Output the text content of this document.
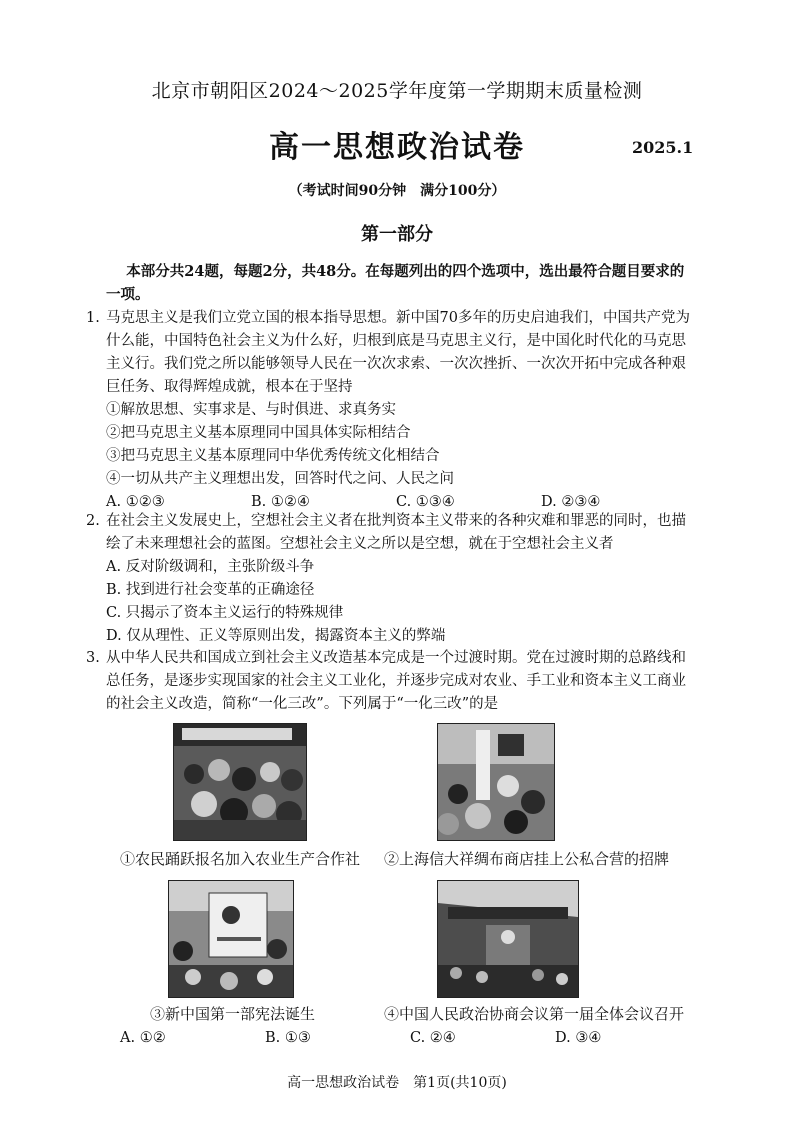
北京市朝阳区2024～2025学年度第一学期期末质量检测
高一思想政治试卷	2025.1
（考试时间90分钟　满分100分）
第一部分
本部分共24题，每题2分，共48分。在每题列出的四个选项中，选出最符合题目要求的一项。
1. 马克思主义是我们立党立国的根本指导思想。新中国70多年的历史启迪我们，中国共产党为什么能，中国特色社会主义为什么好，归根到底是马克思主义行，是中国化时代化的马克思主义行。我们党之所以能够领导人民在一次次求索、一次次挫折、一次次开拓中完成各种艰巨任务、取得辉煌成就，根本在于坚持
①解放思想、实事求是、与时俱进、求真务实
②把马克思主义基本原理同中国具体实际相结合
③把马克思主义基本原理同中华优秀传统文化相结合
④一切从共产主义理想出发，回答时代之问、人民之问
A. ①②③	B. ①②④	C. ①③④	D. ②③④
2. 在社会主义发展史上，空想社会主义者在批判资本主义带来的各种灾难和罪恶的同时，也描绘了未来理想社会的蓝图。空想社会主义之所以是空想，就在于空想社会主义者
A. 反对阶级调和，主张阶级斗争
B. 找到进行社会变革的正确途径
C. 只揭示了资本主义运行的特殊规律
D. 仅从理性、正义等原则出发，揭露资本主义的弊端
3. 从中华人民共和国成立到社会主义改造基本完成是一个过渡时期。党在过渡时期的总路线和总任务，是逐步实现国家的社会主义工业化，并逐步完成对农业、手工业和资本主义工商业的社会主义改造，简称“一化三改”。下列属于“一化三改”的是
①农民踊跃报名加入农业生产合作社 ②上海信大祥绸布商店挂上公私合营的招牌
③新中国第一部宪法诞生	④中国人民政治协商会议第一届全体会议召开
A. ①②	B. ①③	C. ②④	D. ③④
高一思想政治试卷　第1页(共10页)
